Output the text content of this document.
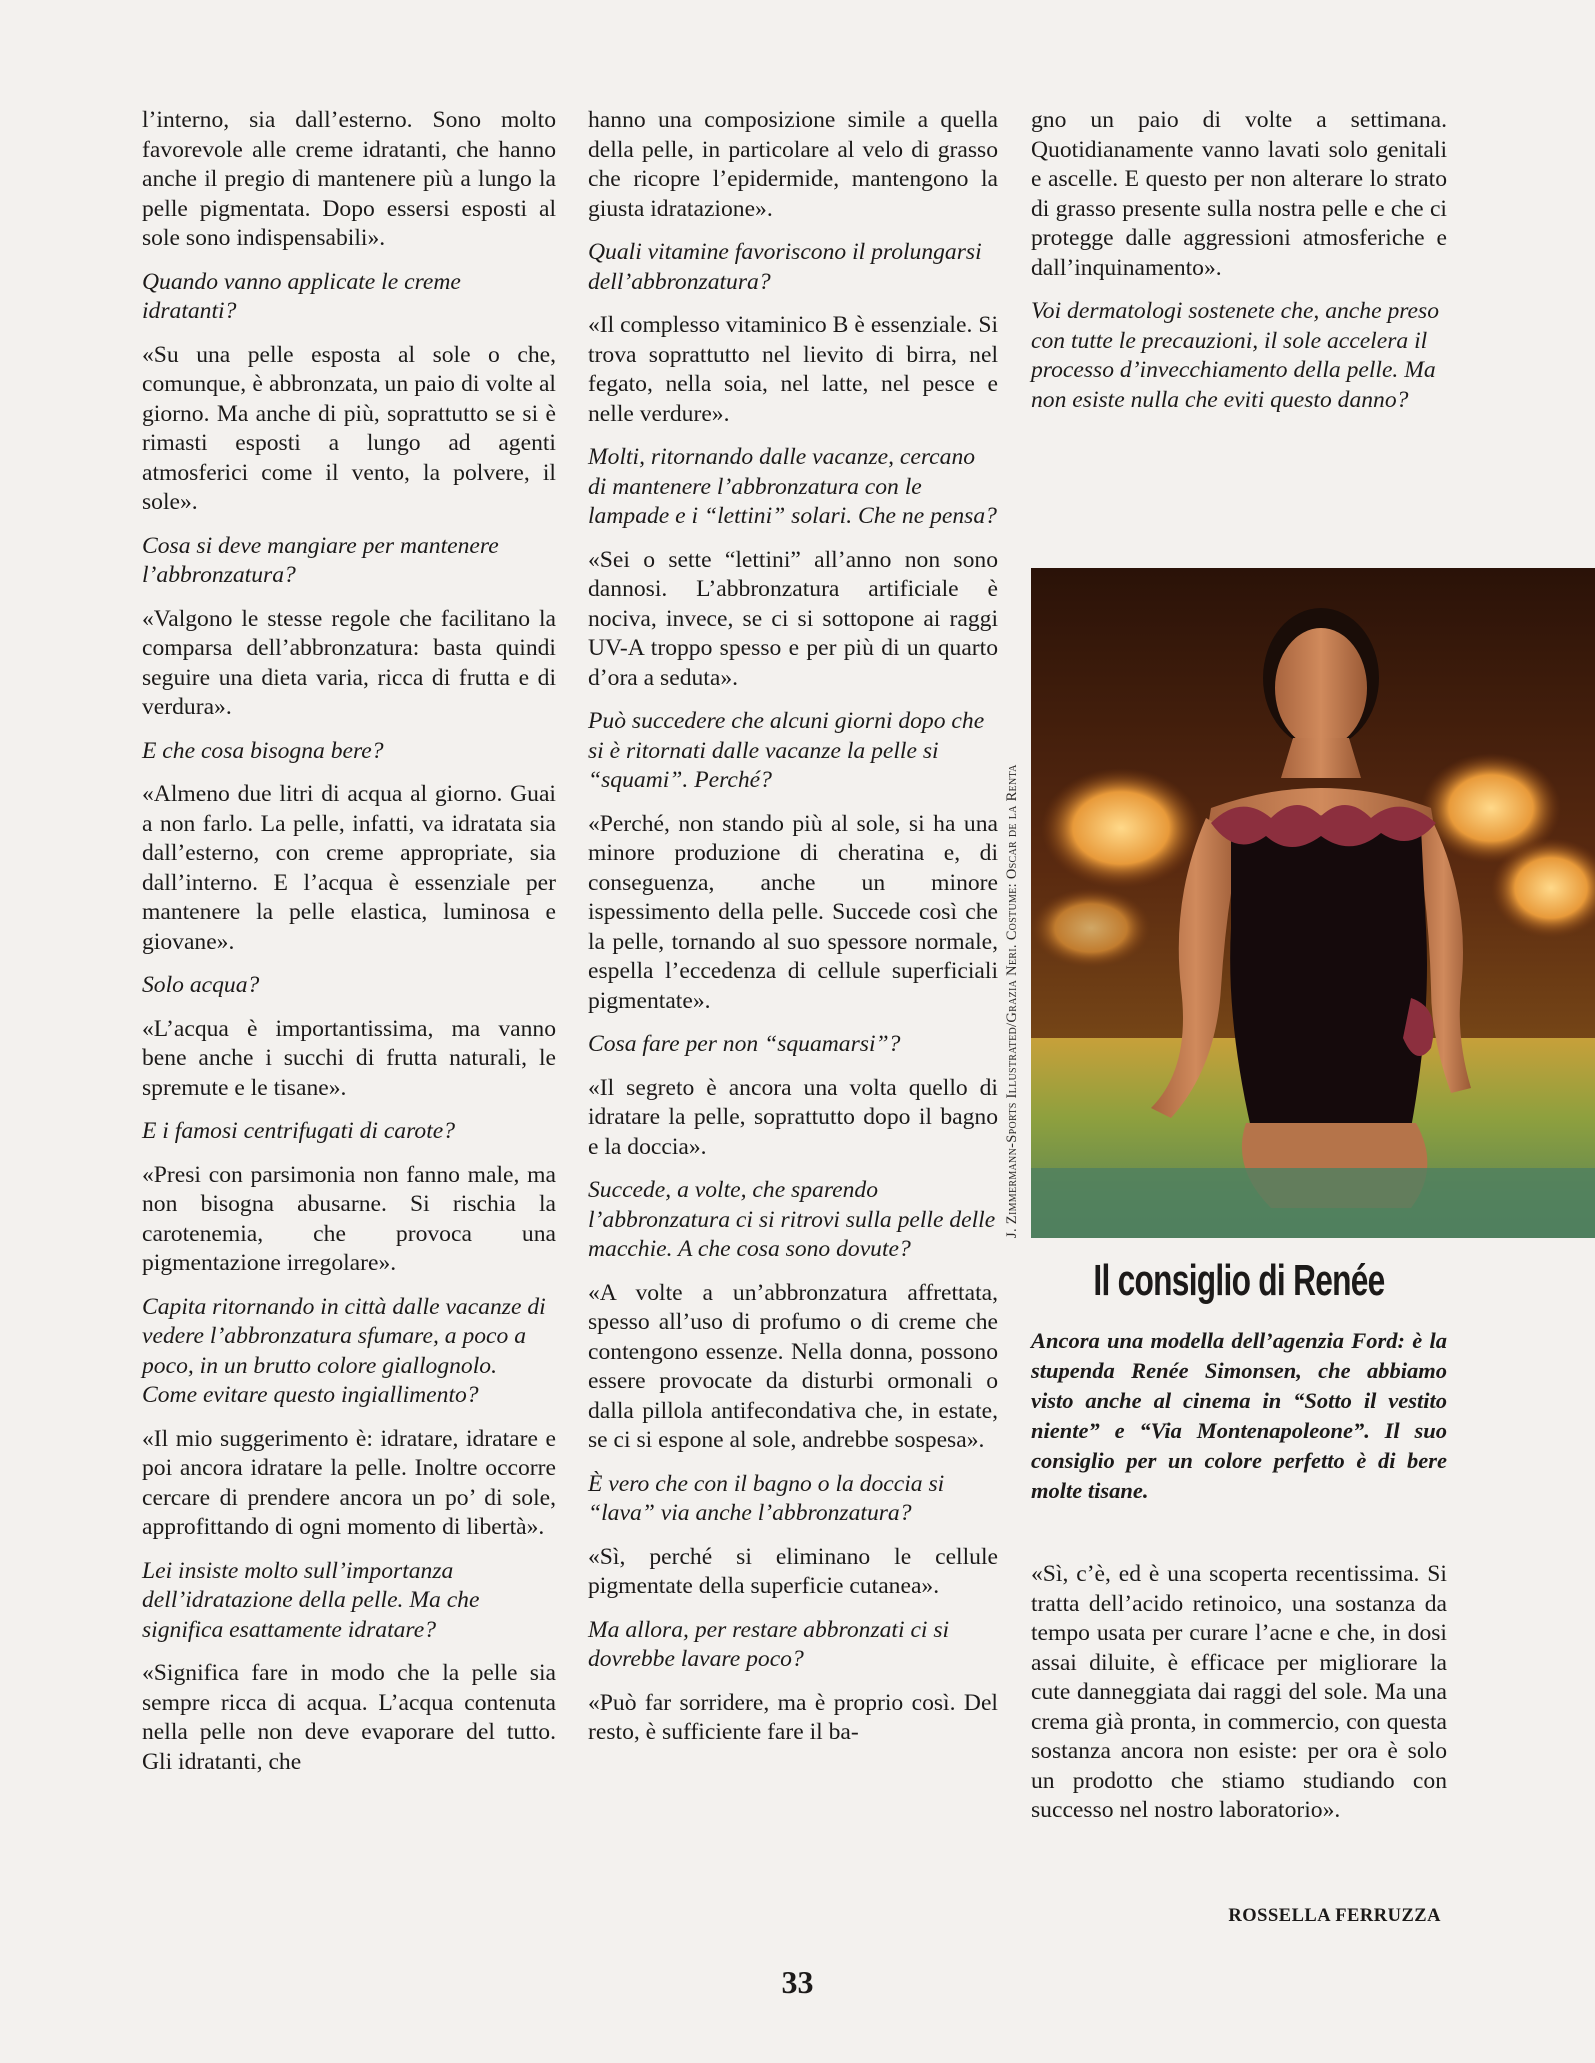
l’interno, sia dall’esterno. Sono molto favorevole alle creme idratanti, che hanno anche il pregio di mantenere più a lungo la pelle pigmentata. Dopo essersi esposti al sole sono indispensabili».

Quando vanno applicate le creme idratanti?

«Su una pelle esposta al sole o che, comunque, è abbronzata, un paio di volte al giorno. Ma anche di più, soprattutto se si è rimasti esposti a lungo ad agenti atmosferici come il vento, la polvere, il sole».

Cosa si deve mangiare per mantenere l’abbronzatura?

«Valgono le stesse regole che facilitano la comparsa dell’abbronzatura: basta quindi seguire una dieta varia, ricca di frutta e di verdura».

E che cosa bisogna bere?

«Almeno due litri di acqua al giorno. Guai a non farlo. La pelle, infatti, va idratata sia dall’esterno, con creme appropriate, sia dall’interno. E l’acqua è essenziale per mantenere la pelle elastica, luminosa e giovane».

Solo acqua?

«L’acqua è importantissima, ma vanno bene anche i succhi di frutta naturali, le spremute e le tisane».

E i famosi centrifugati di carote?

«Presi con parsimonia non fanno male, ma non bisogna abusarne. Si rischia la carotenemia, che provoca una pigmentazione irregolare».

Capita ritornando in città dalle vacanze di vedere l’abbronzatura sfumare, a poco a poco, in un brutto colore giallognolo. Come evitare questo ingiallimento?

«Il mio suggerimento è: idratare, idratare e poi ancora idratare la pelle. Inoltre occorre cercare di prendere ancora un po’ di sole, approfittando di ogni momento di libertà».

Lei insiste molto sull’importanza dell’idratazione della pelle. Ma che significa esattamente idratare?

«Significa fare in modo che la pelle sia sempre ricca di acqua. L’acqua contenuta nella pelle non deve evaporare del tutto. Gli idratanti, che

hanno una composizione simile a quella della pelle, in particolare al velo di grasso che ricopre l’epidermide, mantengono la giusta idratazione».

Quali vitamine favoriscono il prolungarsi dell’abbronzatura?

«Il complesso vitaminico B è essenziale. Si trova soprattutto nel lievito di birra, nel fegato, nella soia, nel latte, nel pesce e nelle verdure».

Molti, ritornando dalle vacanze, cercano di mantenere l’abbronzatura con le lampade e i “lettini” solari. Che ne pensa?

«Sei o sette “lettini” all’anno non sono dannosi. L’abbronzatura artificiale è nociva, invece, se ci si sottopone ai raggi UV-A troppo spesso e per più di un quarto d’ora a seduta».

Può succedere che alcuni giorni dopo che si è ritornati dalle vacanze la pelle si “squami”. Perché?

«Perché, non stando più al sole, si ha una minore produzione di cheratina e, di conseguenza, anche un minore ispessimento della pelle. Succede così che la pelle, tornando al suo spessore normale, espella l’eccedenza di cellule superficiali pigmentate».

Cosa fare per non “squamarsi”?

«Il segreto è ancora una volta quello di idratare la pelle, soprattutto dopo il bagno e la doccia».

Succede, a volte, che sparendo l’abbronzatura ci si ritrovi sulla pelle delle macchie. A che cosa sono dovute?

«A volte a un’abbronzatura affrettata, spesso all’uso di profumo o di creme che contengono essenze. Nella donna, possono essere provocate da disturbi ormonali o dalla pillola antifecondativa che, in estate, se ci si espone al sole, andrebbe sospesa».

È vero che con il bagno o la doccia si “lava” via anche l’abbronzatura?

«Sì, perché si eliminano le cellule pigmentate della superficie cutanea».

Ma allora, per restare abbronzati ci si dovrebbe lavare poco?

«Può far sorridere, ma è proprio così. Del resto, è sufficiente fare il ba-

gno un paio di volte a settimana. Quotidianamente vanno lavati solo genitali e ascelle. E questo per non alterare lo strato di grasso presente sulla nostra pelle e che ci protegge dalle aggressioni atmosferiche e dall’inquinamento».

Voi dermatologi sostenete che, anche preso con tutte le precauzioni, il sole accelera il processo d’invecchiamento della pelle. Ma non esiste nulla che eviti questo danno?

J. Zimmermann-Sports Illustrated/Grazia Neri. Costume: Oscar de la Renta
Il consiglio di Renée
Ancora una modella dell’agenzia Ford: è la stupenda Renée Simonsen, che abbiamo visto anche al cinema in “Sotto il vestito niente” e “Via Montenapoleone”. Il suo consiglio per un colore perfetto è di bere molte tisane.

«Sì, c’è, ed è una scoperta recentissima. Si tratta dell’acido retinoico, una sostanza da tempo usata per curare l’acne e che, in dosi assai diluite, è efficace per migliorare la cute danneggiata dai raggi del sole. Ma una crema già pronta, in commercio, con questa sostanza ancora non esiste: per ora è solo un prodotto che stiamo studiando con successo nel nostro laboratorio».

ROSSELLA FERRUZZA
33
